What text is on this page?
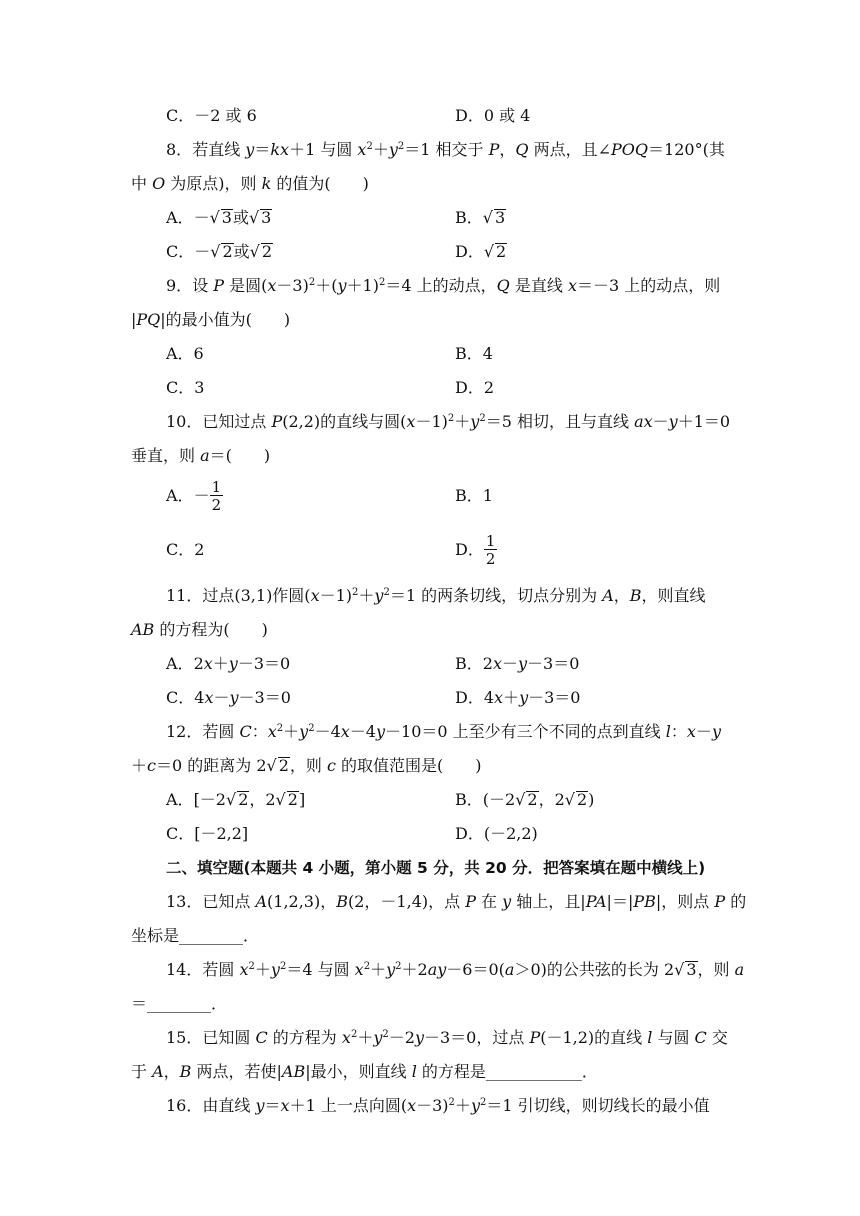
C．－2 或 6	D．0 或 4
8．若直线 y＝kx＋1 与圆 $x^2+y^2=1$ 相交于 P，Q 两点，且∠POQ＝120°(其
中 O 为原点)，则 k 的值为(　　)
A．－√ 3或√ 3	B．√ 3
C．－√ 2或√ 2	D．√ 2
9．设 P 是圆$(x-3)^2+(y+1)^2=4$ 上的动点，Q 是直线 x＝－3 上的动点，则
|PQ|的最小值为(　　)
A．6	B．4
C．3	D．2
10．已知过点 P(2,2)的直线与圆$(x-1)^2+y^2=5$ 相切，且与直线 ax－y＋1＝0
垂直，则 a＝(　　)
A．－ $\frac{1}{2}$	B．1
C．2	D． $\frac{1}{2}$
11．过点(3,1)作圆$(x-1)^2+y^2=1$ 的两条切线，切点分别为 A，B，则直线
AB 的方程为(　　)
A．2x＋y－3＝0	B．2x－y－3＝0
C．4x－y－3＝0	D．4x＋y－3＝0
12．若圆 C：$x^2+y^2-4x-4y-10=0$ 上至少有三个不同的点到直线 l：x－y
＋c＝0 的距离为 2√ 2，则 c 的取值范围是(　　)
A．[－2√ 2，2√ 2]	B．(－2√ 2，2√ 2)
C．[－2,2]	D．(－2,2)
二、填空题(本题共 4 小题，第小题 5 分，共 20 分．把答案填在题中横线上)
13．已知点 A(1,2,3)，B(2，－1,4)，点 P 在 y 轴上，且|PA|＝|PB|，则点 P 的
坐标是________．
14．若圆 $x^2+y^2=4$ 与圆 $x^2+y^2+2ay-6=0(a>0)$的公共弦的长为 2√ 3，则 a
＝________．
15．已知圆 C 的方程为 $x^2+y^2-2y-3=0$，过点 P(－1,2)的直线 l 与圆 C 交
于 A，B 两点，若使|AB|最小，则直线 l 的方程是____________．
16．由直线 y＝x＋1 上一点向圆$(x-3)^2+y^2=1$ 引切线，则切线长的最小值
